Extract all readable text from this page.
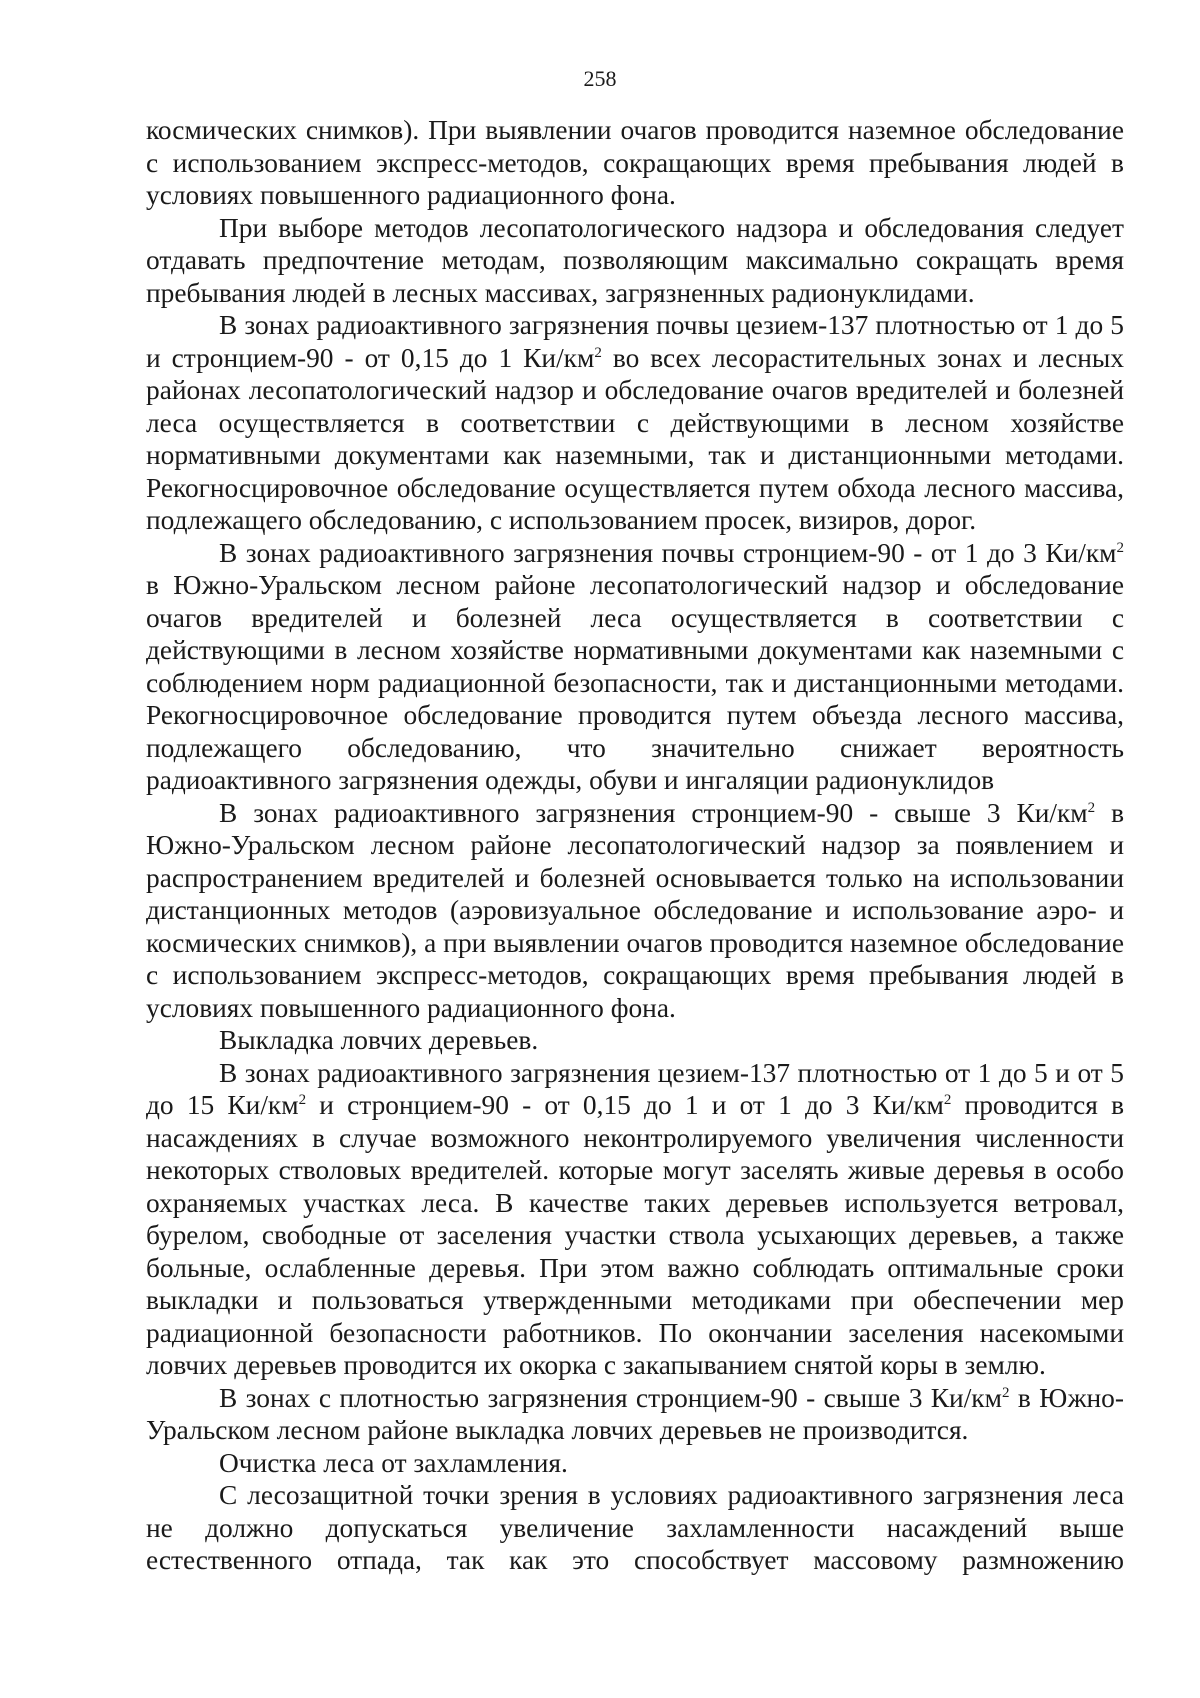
258

космических снимков). При выявлении очагов проводится наземное обследование с использованием экспресс-методов, сокращающих время пребывания людей в условиях повышенного радиационного фона.

При выборе методов лесопатологического надзора и обследования следует отдавать предпочтение методам, позволяющим максимально сокращать время пребывания людей в лесных массивах, загрязненных радионуклидами.

В зонах радиоактивного загрязнения почвы цезием-137 плотностью от 1 до 5 и стронцием-90 - от 0,15 до 1 $Ки/км^2$ во всех лесорастительных зонах и лесных районах лесопатологический надзор и обследование очагов вредителей и болезней леса осуществляется в соответствии с действующими в лесном хозяйстве нормативными документами как наземными, так и дистанционными методами. Рекогносцировочное обследование осуществляется путем обхода лесного массива, подлежащего обследованию, с использованием просек, визиров, дорог.

В зонах радиоактивного загрязнения почвы стронцием-90 - от 1 до 3 $Ки/км^2$ в Южно-Уральском лесном районе лесопатологический надзор и обследование очагов вредителей и болезней леса осуществляется в соответствии с действующими в лесном хозяйстве нормативными документами как наземными с соблюдением норм радиационной безопасности, так и дистанционными методами. Рекогносцировочное обследование проводится путем объезда лесного массива, подлежащего обследованию, что значительно снижает вероятность радиоактивного загрязнения одежды, обуви и ингаляции радионуклидов

В зонах радиоактивного загрязнения стронцием-90 - свыше 3 $Ки/км^2$ в Южно-Уральском лесном районе лесопатологический надзор за появлением и распространением вредителей и болезней основывается только на использовании дистанционных методов (аэровизуальное обследование и использование аэро- и космических снимков), а при выявлении очагов проводится наземное обследование с использованием экспресс-методов, сокращающих время пребывания людей в условиях повышенного радиационного фона.

Выкладка ловчих деревьев.

В зонах радиоактивного загрязнения цезием-137 плотностью от 1 до 5 и от 5 до 15 $Ки/км^2$ и стронцием-90 - от 0,15 до 1 и от 1 до 3 $Ки/км^2$ проводится в насаждениях в случае возможного неконтролируемого увеличения численности некоторых стволовых вредителей. которые могут заселять живые деревья в особо охраняемых участках леса. В качестве таких деревьев используется ветровал, бурелом, свободные от заселения участки ствола усыхающих деревьев, а также больные, ослабленные деревья. При этом важно соблюдать оптимальные сроки выкладки и пользоваться утвержденными методиками при обеспечении мер радиационной безопасности работников. По окончании заселения насекомыми ловчих деревьев проводится их окорка с закапыванием снятой коры в землю.

В зонах с плотностью загрязнения стронцием-90 - свыше 3 $Ки/км^2$ в Южно-Уральском лесном районе выкладка ловчих деревьев не производится.

Очистка леса от захламления.

С лесозащитной точки зрения в условиях радиоактивного загрязнения леса не должно допускаться увеличение захламленности насаждений выше естественного отпада, так как это способствует массовому размножению
